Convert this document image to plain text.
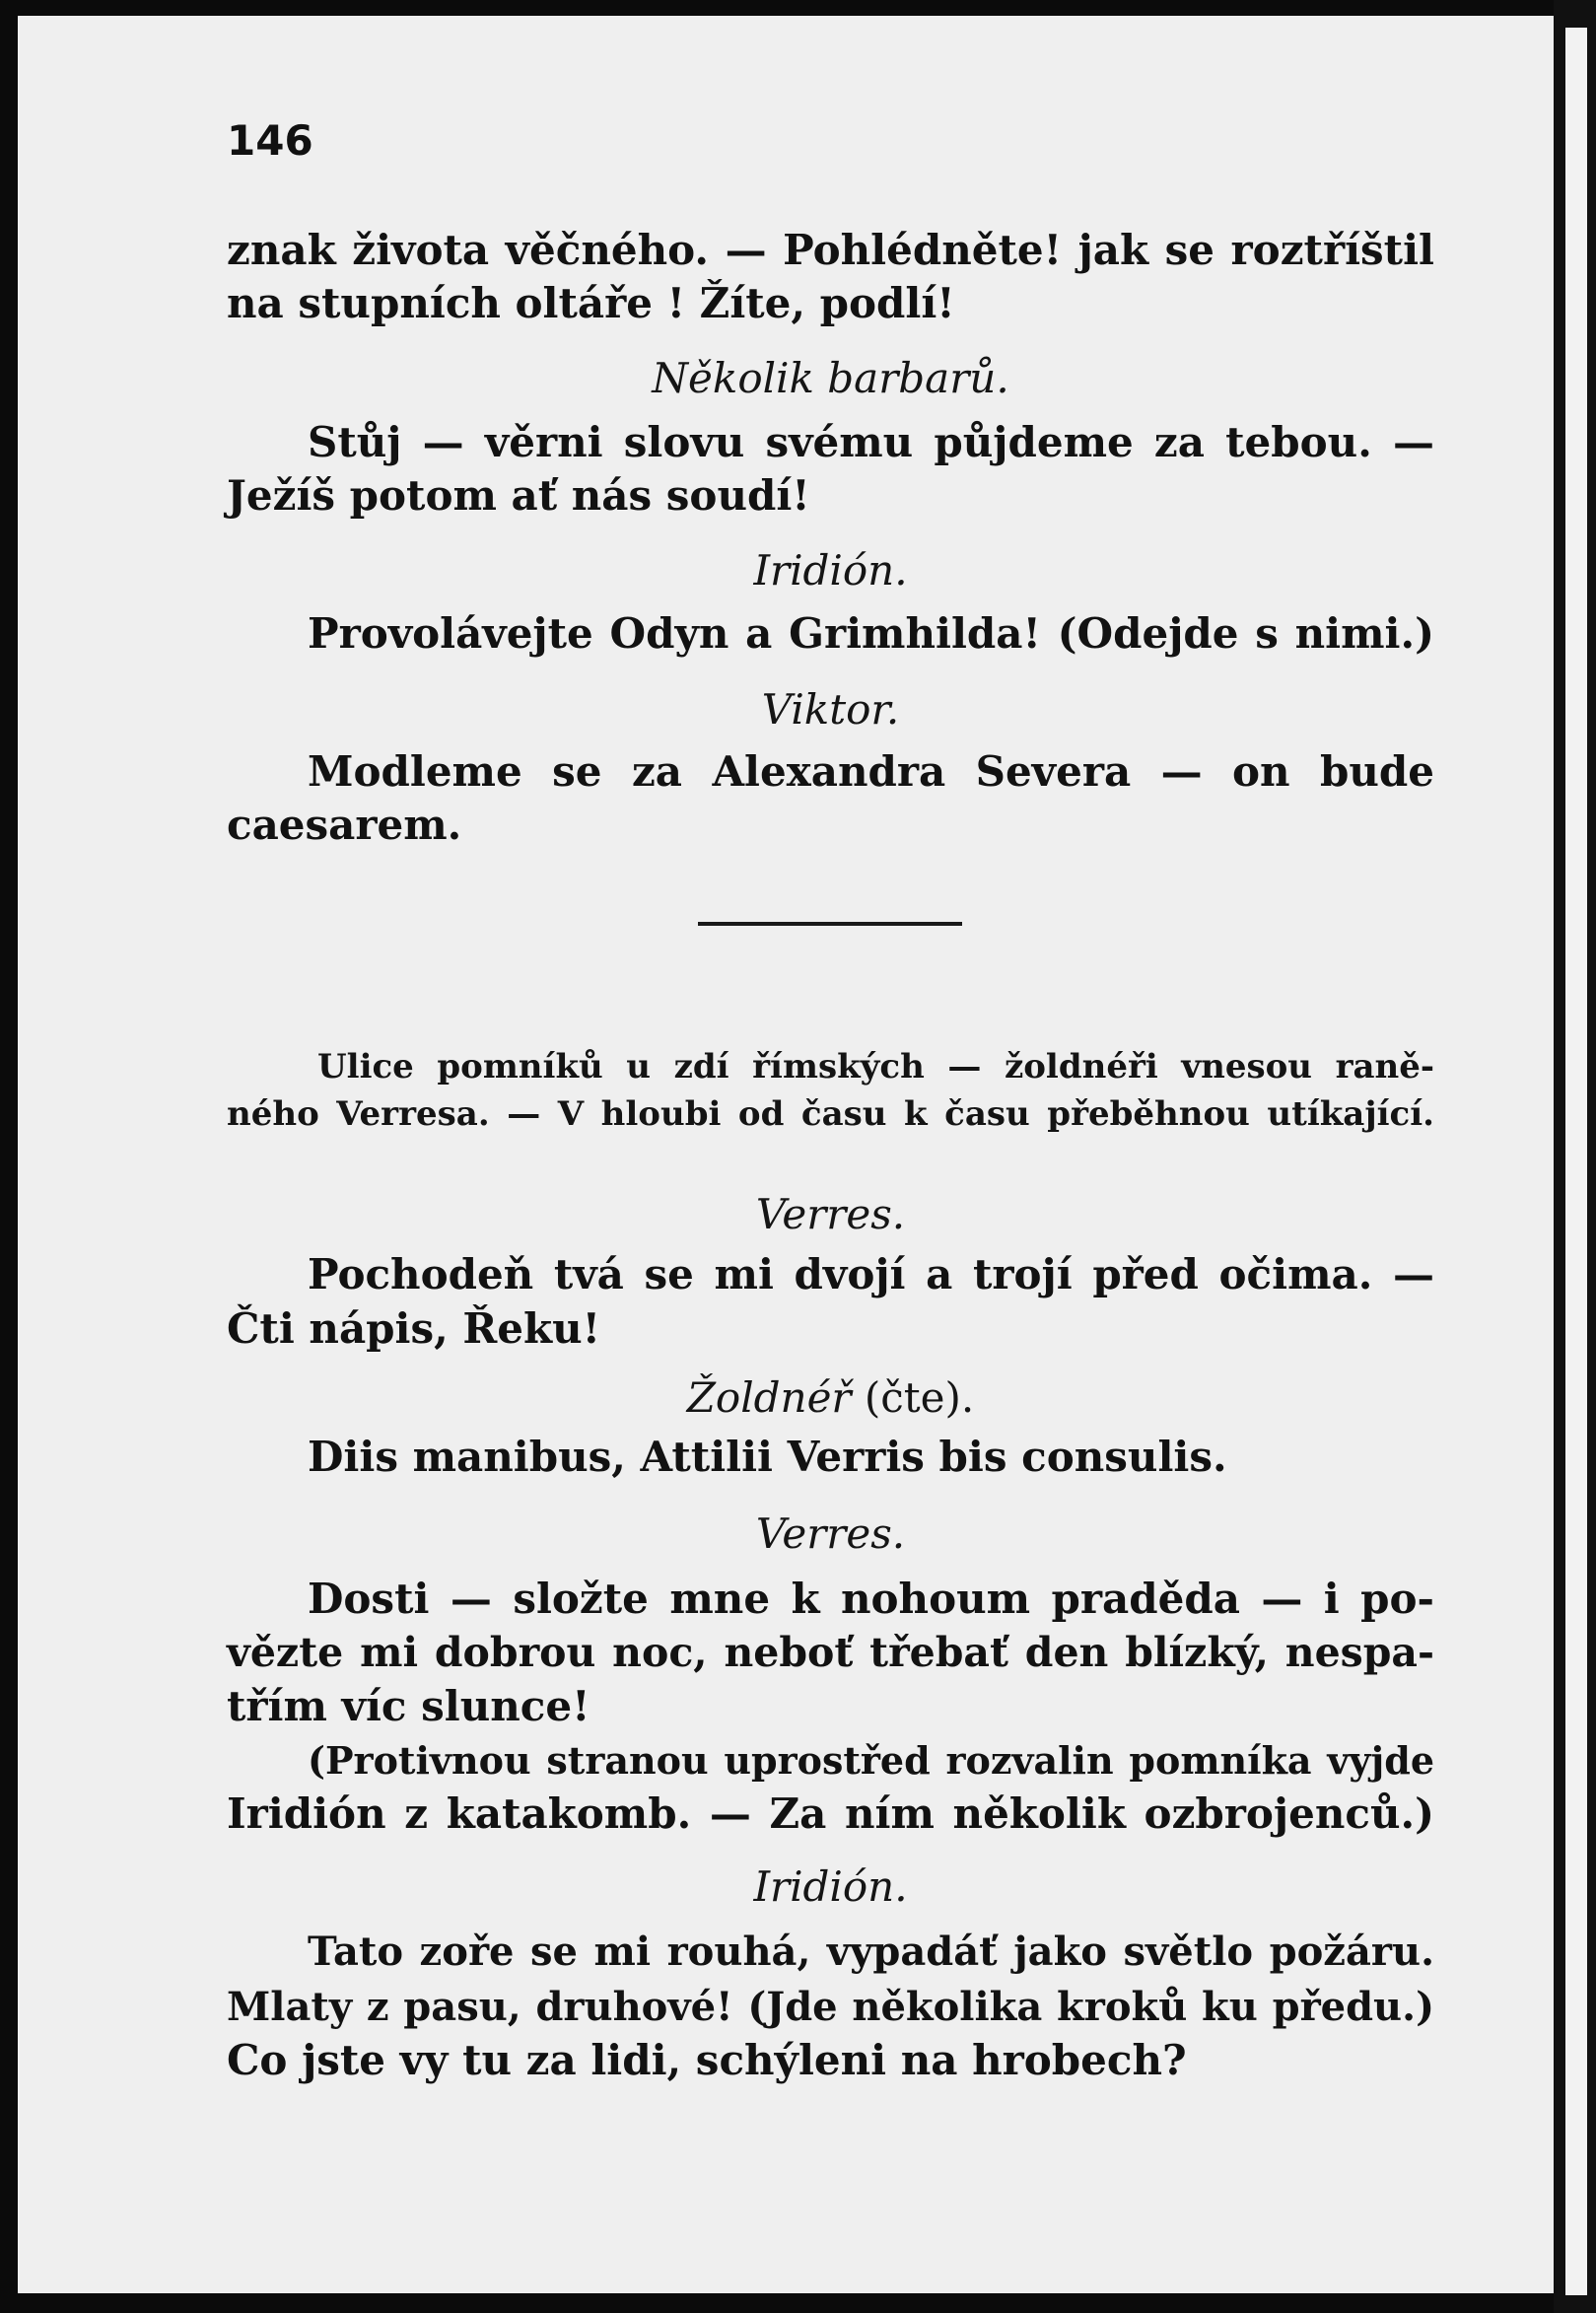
146

znak života věčného. — Pohlédněte! jak se roztříštil

na stupních oltáře ! Žíte, podlí!

Několik barbarů.

Stůj — věrni slovu svému půjdeme za tebou. —

Ježíš potom ať nás soudí!

Iridión.

Provolávejte Odyn a Grimhilda! (Odejde s nimi.)

Viktor.

Modleme se za Alexandra Severa — on bude

caesarem.

Ulice pomníků u zdí římských — žoldnéři vnesou raně-

ného Verresa. — V hloubi od času k času přeběhnou utíkající.

Verres.

Pochodeň tvá se mi dvojí a trojí před očima. —

Čti nápis, Řeku!

Žoldnéř (čte).

Diis manibus, Attilii Verris bis consulis.

Verres.

Dosti — složte mne k nohoum praděda — i po-

vězte mi dobrou noc, neboť třebať den blízký, nespa-

třím víc slunce!

(Protivnou stranou uprostřed rozvalin pomníka vyjde

Iridión z katakomb. — Za ním několik ozbrojenců.)

Iridión.

Tato zoře se mi rouhá, vypadáť jako světlo požáru.

Mlaty z pasu, druhové! (Jde několika kroků ku předu.)

Co jste vy tu za lidi, schýleni na hrobech?
